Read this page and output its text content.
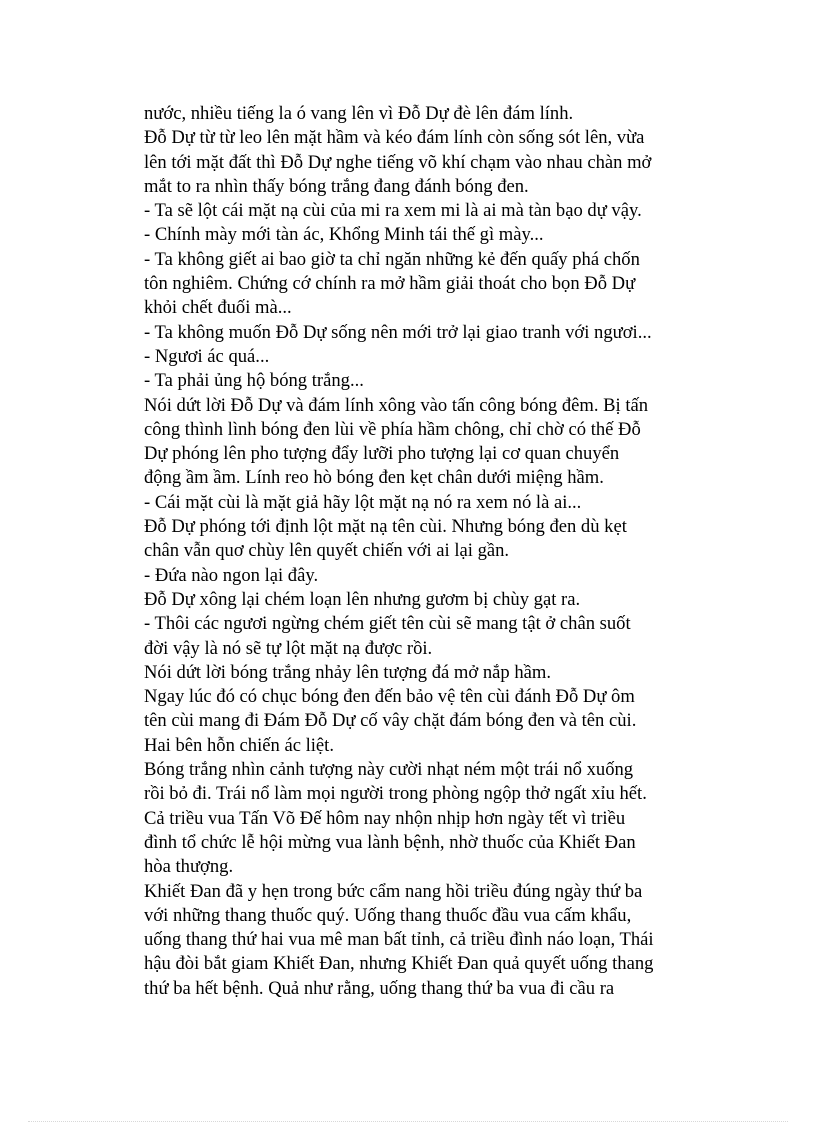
nước, nhiều tiếng la ó vang lên vì Đỗ Dự đè lên đám lính.
Đỗ Dự từ từ leo lên mặt hầm và kéo đám lính còn sống sót lên, vừa
lên tới mặt đất thì Đỗ Dự nghe tiếng võ khí chạm vào nhau chàn mở
mắt to ra nhìn thấy bóng trắng đang đánh bóng đen.
- Ta sẽ lột cái mặt nạ cùi của mi ra xem mi là ai mà tàn bạo dự vậy.
- Chính mày mới tàn ác, Khổng Minh tái thế gì mày...
- Ta không giết ai bao giờ ta chỉ ngăn những kẻ đến quấy phá chốn
tôn nghiêm. Chứng cớ chính ra mở hầm giải thoát cho bọn Đỗ Dự
khỏi chết đuối mà...
- Ta không muốn Đỗ Dự sống nên mới trở lại giao tranh với ngươi...
- Ngươi ác quá...
- Ta phải ủng hộ bóng trắng...
Nói dứt lời Đỗ Dự và đám lính xông vào tấn công bóng đêm. Bị tấn
công thình lình bóng đen lùi về phía hầm chông, chỉ chờ có thế Đỗ
Dự phóng lên pho tượng đẩy lưỡi pho tượng lại cơ quan chuyển
động ầm ầm. Lính reo hò bóng đen kẹt chân dưới miệng hầm.
- Cái mặt cùi là mặt giả hãy lột mặt nạ nó ra xem nó là ai...
Đỗ Dự phóng tới định lột mặt nạ tên cùi. Nhưng bóng đen dù kẹt
chân vẫn quơ chùy lên quyết chiến với ai lại gần.
- Đứa nào ngon lại đây.
Đỗ Dự xông lại chém loạn lên nhưng gươm bị chùy gạt ra.
- Thôi các ngươi ngừng chém giết tên cùi sẽ mang tật ở chân suốt
đời vậy là nó sẽ tự lột mặt nạ được rồi.
Nói dứt lời bóng trắng nhảy lên tượng đá mở nắp hầm.
Ngay lúc đó có chục bóng đen đến bảo vệ tên cùi đánh Đỗ Dự ôm
tên cùi mang đi Đám Đỗ Dự cố vây chặt đám bóng đen và tên cùi.
Hai bên hỗn chiến ác liệt.
Bóng trắng nhìn cảnh tượng này cười nhạt ném một trái nổ xuống
rồi bỏ đi. Trái nổ làm mọi người trong phòng ngộp thở ngất xỉu hết.
Cả triều vua Tấn Võ Đế hôm nay nhộn nhịp hơn ngày tết vì triều
đình tổ chức lễ hội mừng vua lành bệnh, nhờ thuốc của Khiết Đan
hòa thượng.
Khiết Đan đã y hẹn trong bức cẩm nang hồi triều đúng ngày thứ ba
với những thang thuốc quý. Uống thang thuốc đầu vua cấm khẩu,
uống thang thứ hai vua mê man bất tỉnh, cả triều đình náo loạn, Thái
hậu đòi bắt giam Khiết Đan, nhưng Khiết Đan quả quyết uống thang
thứ ba hết bệnh. Quả như rằng, uống thang thứ ba vua đi cầu ra
